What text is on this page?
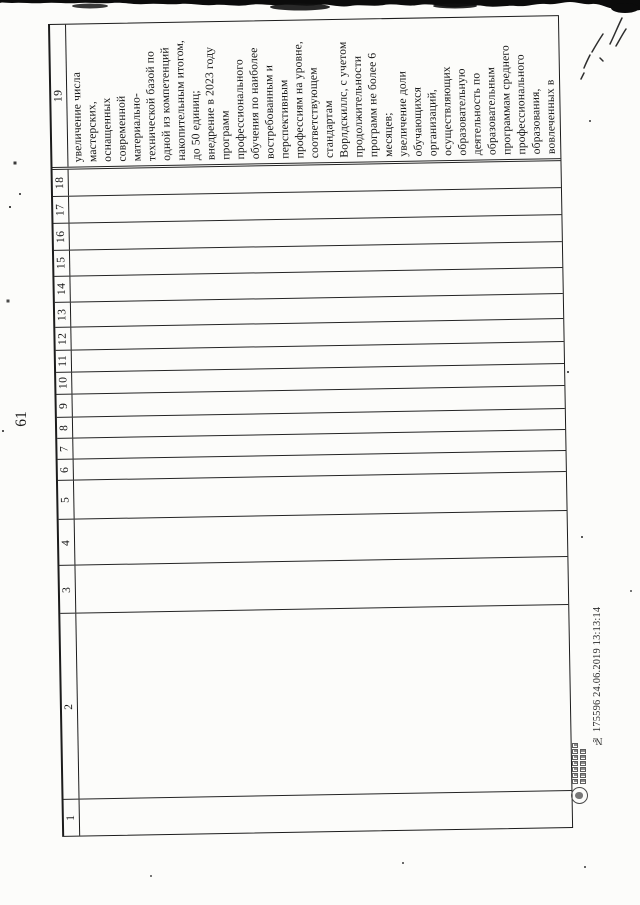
61
19 увеличение числа
мастерских,
оснащенных
современной
материально-
технической базой по
одной из компетенций
накопительным итогом,
до 50 единиц;
внедрение в 2023 году
программ
профессионального
обучения по наиболее
востребованным и
перспективным
профессиям на уровне,
соответствующем
стандартам
Ворлдскиллс, с учетом
продолжительности
программ не более 6
месяцев;
увеличение доли
обучающихся
организаций,
осуществляющих
образовательную
деятельность по
образовательным
программам среднего
профессионального
образования,
вовлеченных в
18
17
16
15
14
13
12
11
10
9
8
7
6
5
4
3
2
1
№ 175596 24.06.2019 13:13:14
